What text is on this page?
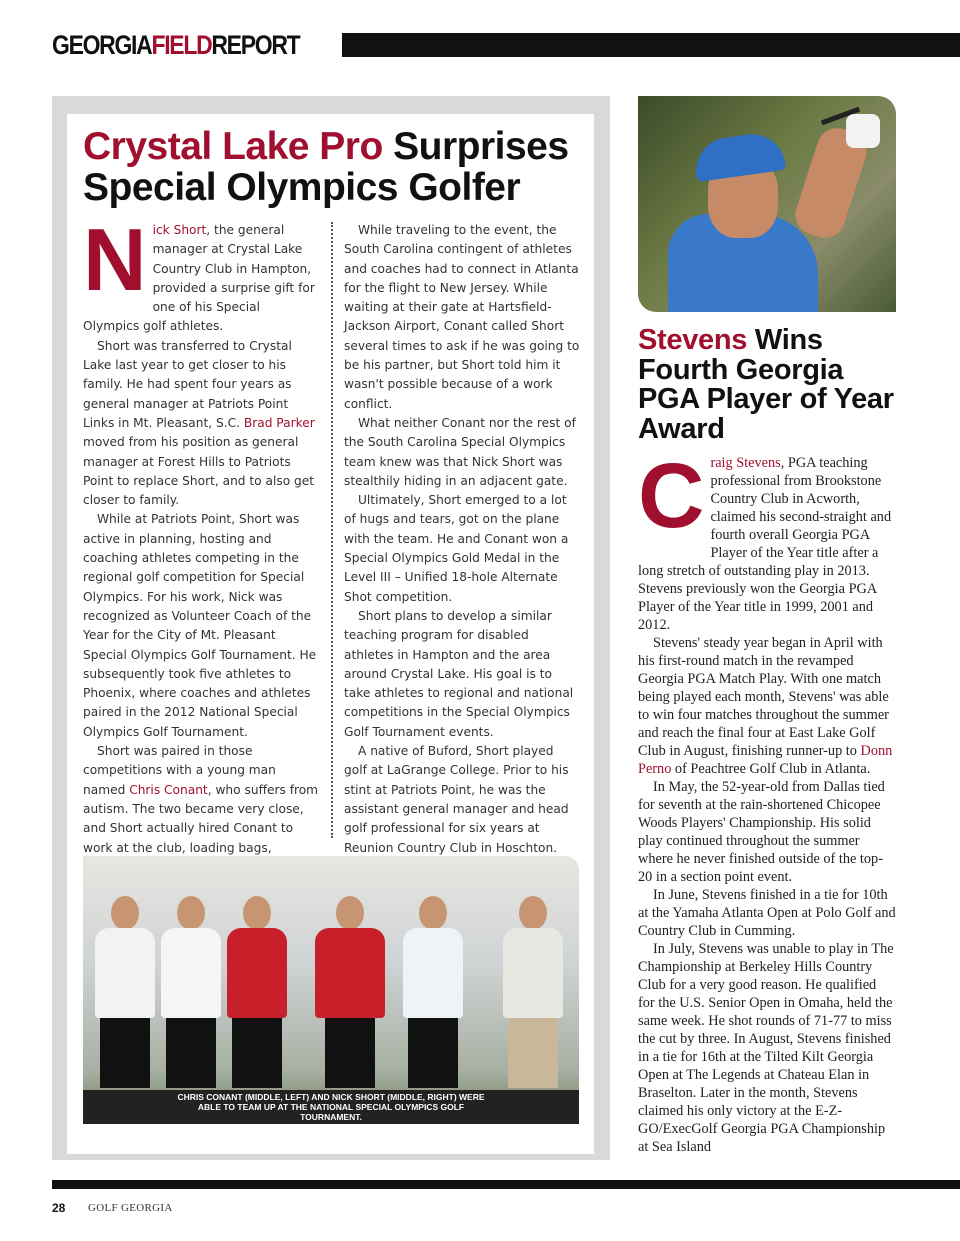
GEORGIAFIELDREPORT
Crystal Lake Pro Surprises Special Olympics Golfer

Nick Short, the general manager at Crystal Lake Country Club in Hampton, provided a surprise gift for one of his Special Olympics golf athletes.

Short was transferred to Crystal Lake last year to get closer to his family. He had spent four years as general manager at Patriots Point Links in Mt. Pleasant, S.C. Brad Parker moved from his position as general manager at Forest Hills to Patriots Point to replace Short, and to also get closer to family.

While at Patriots Point, Short was active in planning, hosting and coaching athletes competing in the regional golf competition for Special Olympics. For his work, Nick was recognized as Volunteer Coach of the Year for the City of Mt. Pleasant Special Olympics Golf Tournament. He subsequently took five athletes to Phoenix, where coaches and athletes paired in the 2012 National Special Olympics Golf Tournament.

Short was paired in those competitions with a young man named Chris Conant, who suffers from autism. The two became very close, and Short actually hired Conant to work at the club, loading bags,

While traveling to the event, the South Carolina contingent of athletes and coaches had to connect in Atlanta for the flight to New Jersey. While waiting at their gate at Hartsfield-Jackson Airport, Conant called Short several times to ask if he was going to be his partner, but Short told him it wasn't possible because of a work conflict.

What neither Conant nor the rest of the South Carolina Special Olympics team knew was that Nick Short was stealthily hiding in an adjacent gate.

Ultimately, Short emerged to a lot of hugs and tears, got on the plane with the team. He and Conant won a Special Olympics Gold Medal in the Level III – Unified 18-hole Alternate Shot competition.

Short plans to develop a similar teaching program for disabled athletes in Hampton and the area around Crystal Lake. His goal is to take athletes to regional and national competitions in the Special Olympics Golf Tournament events.

A native of Buford, Short played golf at LaGrange College. Prior to his stint at Patriots Point, he was the assistant general manager and head golf professional for six years at Reunion Country Club in Hoschton.

CHRIS CONANT (MIDDLE, LEFT) AND NICK SHORT (MIDDLE, RIGHT) WERE ABLE TO TEAM UP AT THE NATIONAL SPECIAL OLYMPICS GOLF TOURNAMENT.
Stevens Wins Fourth Georgia PGA Player of Year Award

Craig Stevens, PGA teaching professional from Brookstone Country Club in Acworth, claimed his second-straight and fourth overall Georgia PGA Player of the Year title after a long stretch of outstanding play in 2013. Stevens previously won the Georgia PGA Player of the Year title in 1999, 2001 and 2012.

Stevens' steady year began in April with his first-round match in the revamped Georgia PGA Match Play. With one match being played each month, Stevens' was able to win four matches throughout the summer and reach the final four at East Lake Golf Club in August, finishing runner-up to Donn Perno of Peachtree Golf Club in Atlanta.

In May, the 52-year-old from Dallas tied for seventh at the rain-shortened Chicopee Woods Players' Championship. His solid play continued throughout the summer where he never finished outside of the top-20 in a section point event.

In June, Stevens finished in a tie for 10th at the Yamaha Atlanta Open at Polo Golf and Country Club in Cumming.

In July, Stevens was unable to play in The Championship at Berkeley Hills Country Club for a very good reason. He qualified for the U.S. Senior Open in Omaha, held the same week. He shot rounds of 71-77 to miss the cut by three. In August, Stevens finished in a tie for 16th at the Tilted Kilt Georgia Open at The Legends at Chateau Elan in Braselton. Later in the month, Stevens claimed his only victory at the E-Z-GO/ExecGolf Georgia PGA Championship at Sea Island

28 GOLF GEORGIA
